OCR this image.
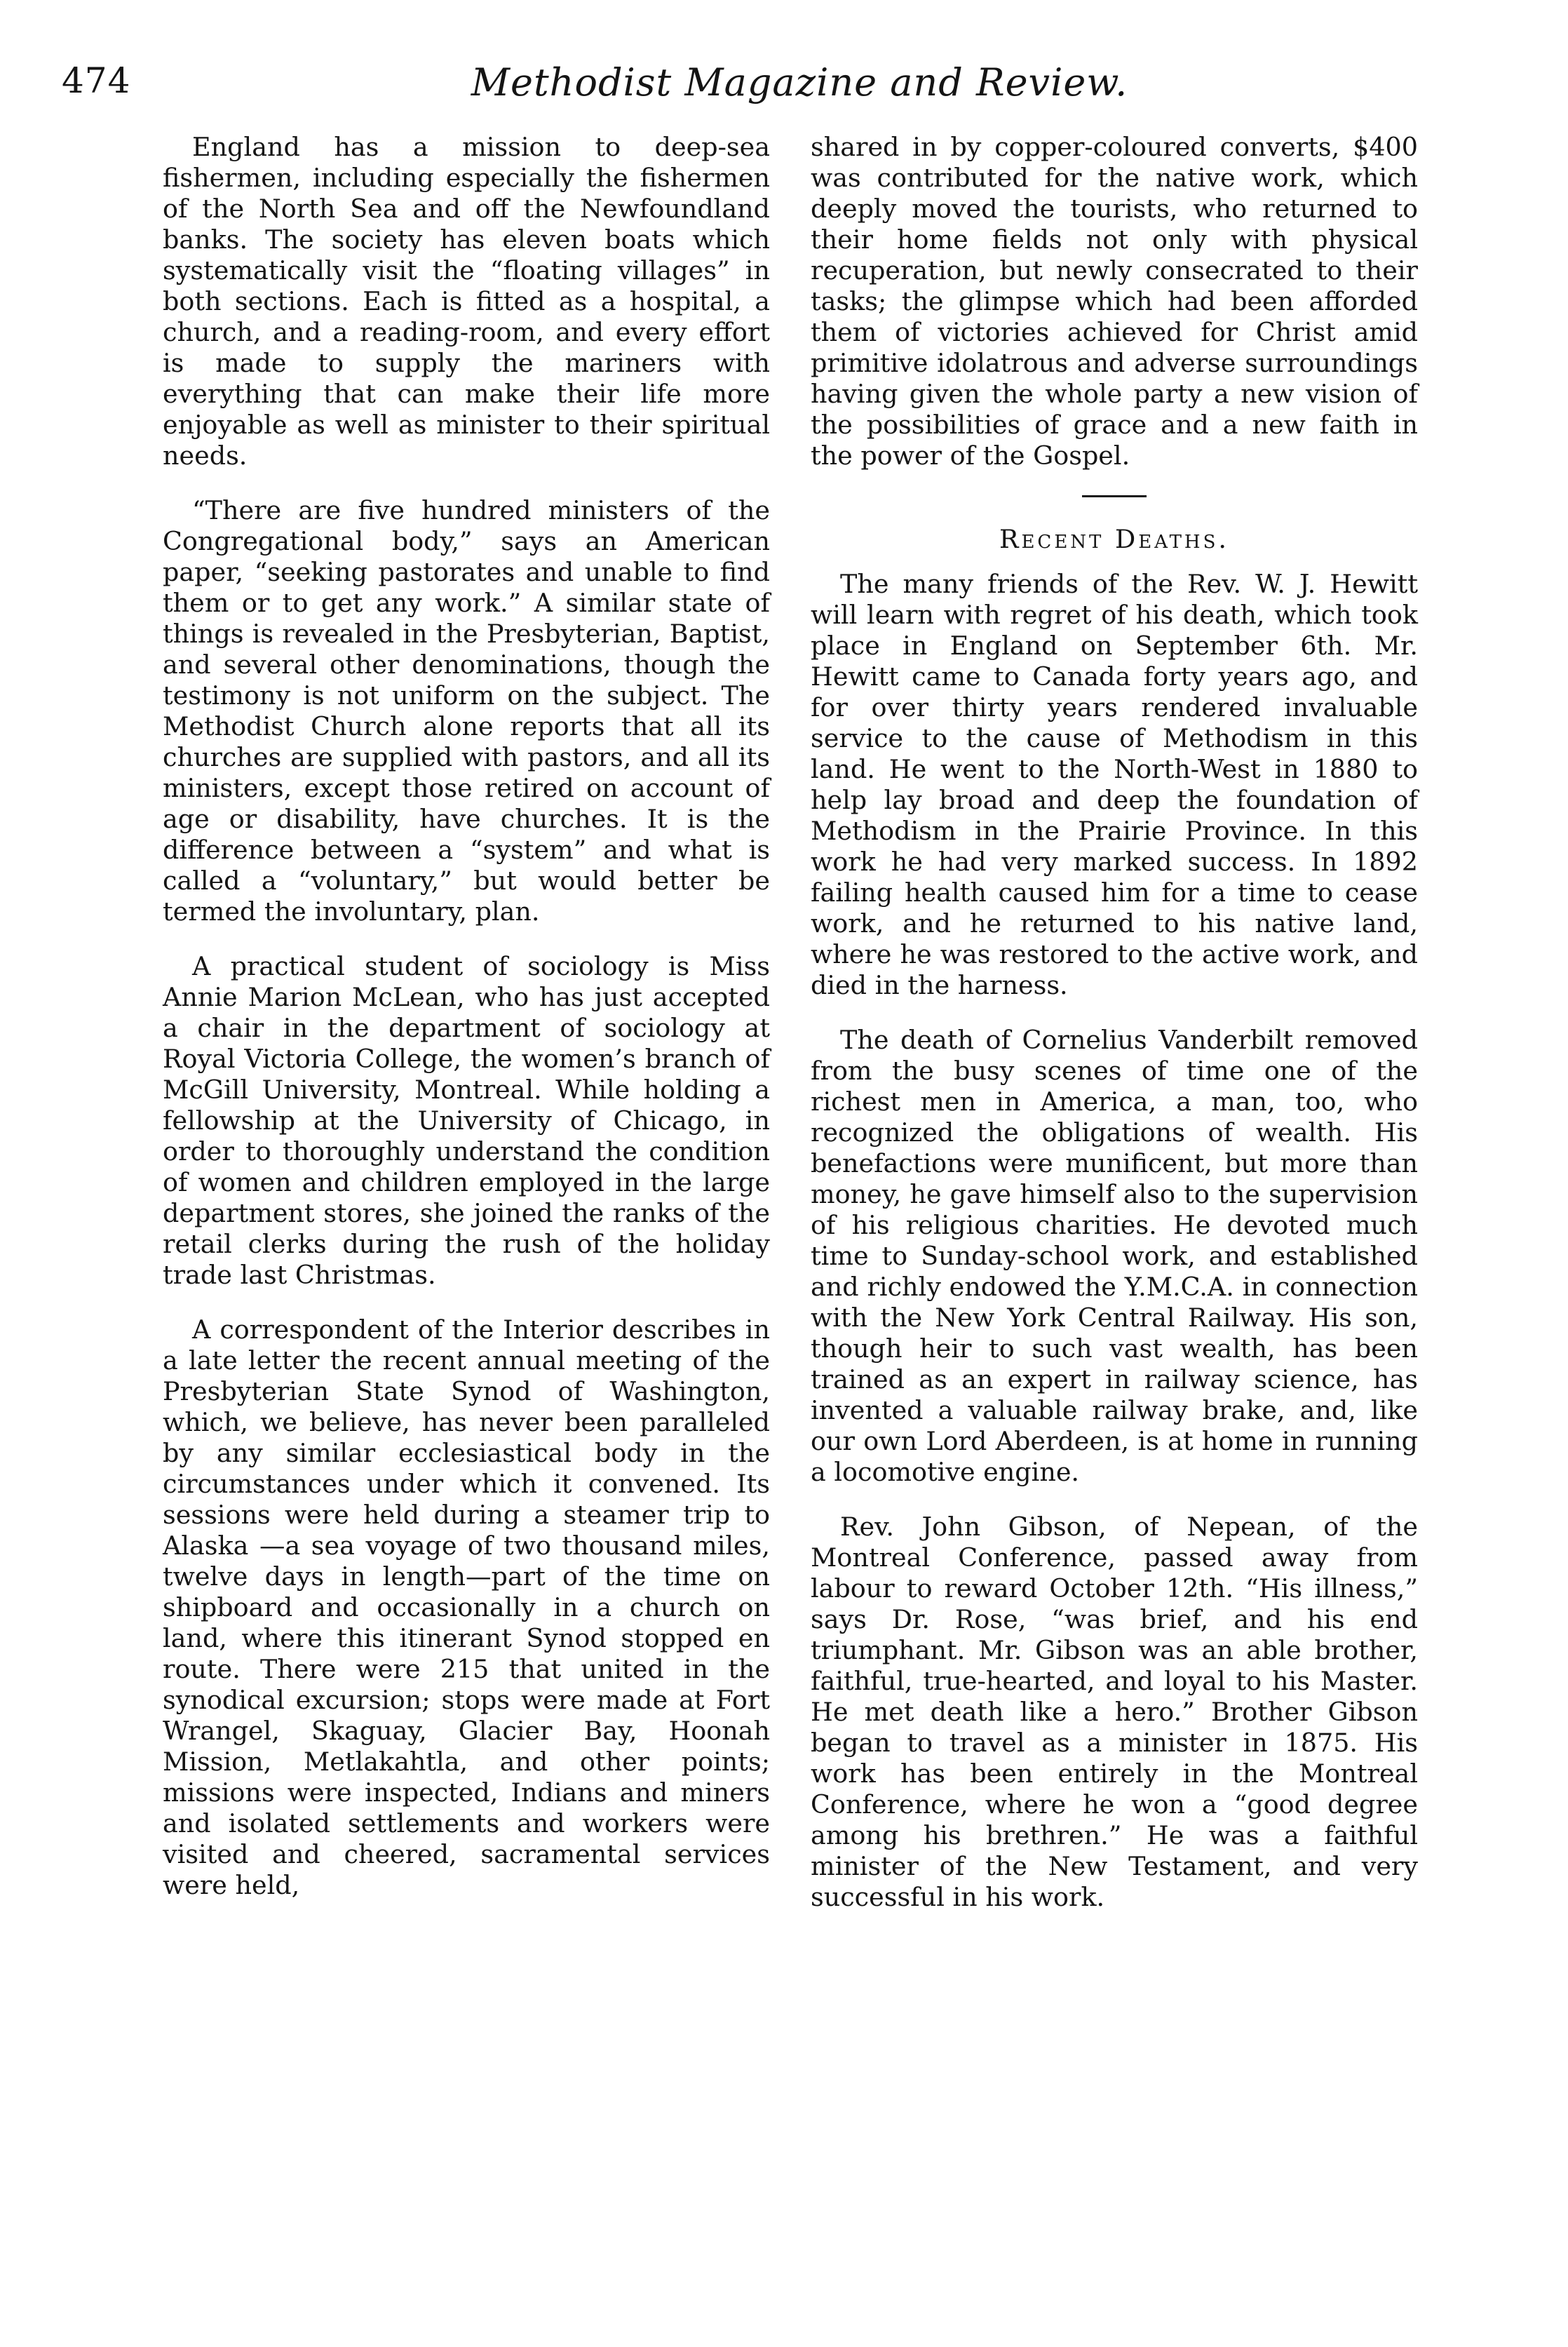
474	Methodist Magazine and Review.

England has a mission to deep-sea fishermen, including especially the fishermen of the North Sea and off the Newfoundland banks. The society has eleven boats which systematically visit the “floating villages” in both sections. Each is fitted as a hospital, a church, and a reading-room, and every effort is made to supply the mariners with everything that can make their life more enjoyable as well as minister to their spiritual needs.

“There are five hundred ministers of the Congregational body,” says an American paper, “seeking pastorates and unable to find them or to get any work.” A similar state of things is revealed in the Presbyterian, Baptist, and several other denominations, though the testimony is not uniform on the subject. The Methodist Church alone reports that all its churches are supplied with pastors, and all its ministers, except those retired on account of age or disability, have churches. It is the difference between a “system” and what is called a “voluntary,” but would better be termed the involuntary, plan.

A practical student of sociology is Miss Annie Marion McLean, who has just accepted a chair in the department of sociology at Royal Victoria College, the women’s branch of McGill University, Montreal. While holding a fellowship at the University of Chicago, in order to thoroughly understand the condition of women and children employed in the large department stores, she joined the ranks of the retail clerks during the rush of the holiday trade last Christmas.

A correspondent of the Interior describes in a late letter the recent annual meeting of the Presbyterian State Synod of Washington, which, we believe, has never been paralleled by any similar ecclesiastical body in the circumstances under which it convened. Its sessions were held during a steamer trip to Alaska —a sea voyage of two thousand miles, twelve days in length—part of the time on shipboard and occasionally in a church on land, where this itinerant Synod stopped en route. There were 215 that united in the synodical excursion; stops were made at Fort Wrangel, Skaguay, Glacier Bay, Hoonah Mission, Metlakahtla, and other points; missions were inspected, Indians and miners and isolated settlements and workers were visited and cheered, sacramental services were held,

shared in by copper-coloured converts, $400 was contributed for the native work, which deeply moved the tourists, who returned to their home fields not only with physical recuperation, but newly consecrated to their tasks; the glimpse which had been afforded them of victories achieved for Christ amid primitive idolatrous and adverse surroundings having given the whole party a new vision of the possibilities of grace and a new faith in the power of the Gospel.

Recent Deaths.

The many friends of the Rev. W. J. Hewitt will learn with regret of his death, which took place in England on September 6th. Mr. Hewitt came to Canada forty years ago, and for over thirty years rendered invaluable service to the cause of Methodism in this land. He went to the North-West in 1880 to help lay broad and deep the foundation of Methodism in the Prairie Province. In this work he had very marked success. In 1892 failing health caused him for a time to cease work, and he returned to his native land, where he was restored to the active work, and died in the harness.

The death of Cornelius Vanderbilt removed from the busy scenes of time one of the richest men in America, a man, too, who recognized the obligations of wealth. His benefactions were munificent, but more than money, he gave himself also to the supervision of his religious charities. He devoted much time to Sunday-school work, and established and richly endowed the Y.M.C.A. in connection with the New York Central Railway. His son, though heir to such vast wealth, has been trained as an expert in railway science, has invented a valuable railway brake, and, like our own Lord Aberdeen, is at home in running a locomotive engine.

Rev. John Gibson, of Nepean, of the Montreal Conference, passed away from labour to reward October 12th. “His illness,” says Dr. Rose, “was brief, and his end triumphant. Mr. Gibson was an able brother, faithful, true-hearted, and loyal to his Master. He met death like a hero.” Brother Gibson began to travel as a minister in 1875. His work has been entirely in the Montreal Conference, where he won a “good degree among his brethren.” He was a faithful minister of the New Testament, and very successful in his work.
